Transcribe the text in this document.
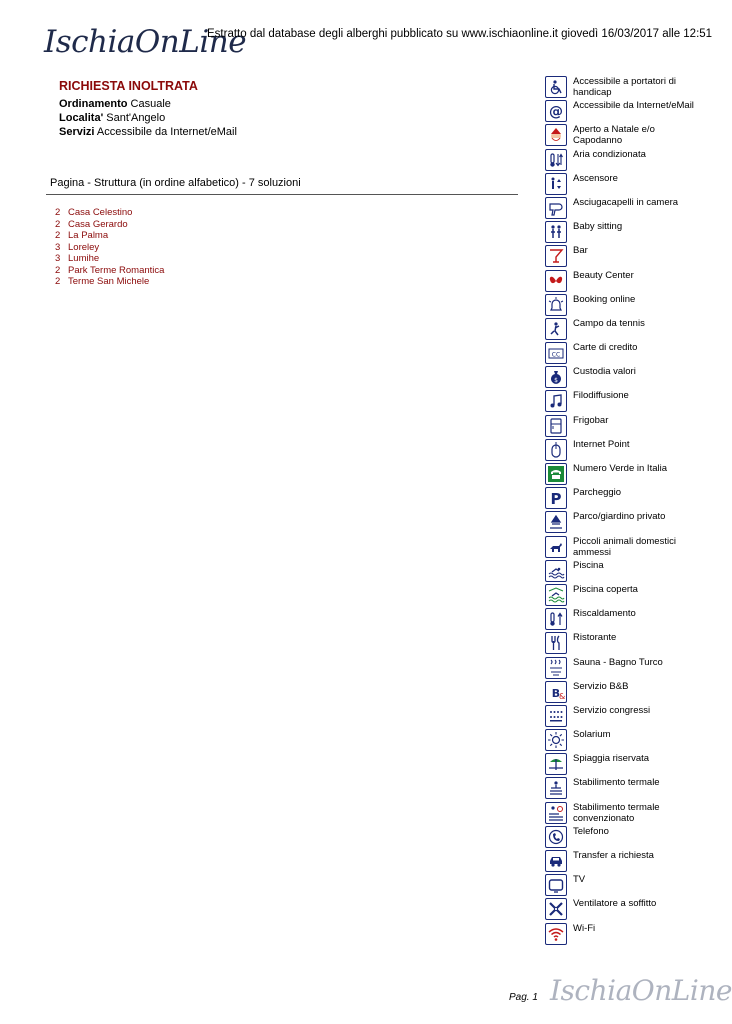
IschiaOnLine
Estratto dal database degli alberghi pubblicato su www.ischiaonline.it giovedì 16/03/2017 alle 12:51
RICHIESTA INOLTRATA
Ordinamento Casuale
Localita' Sant'Angelo
Servizi Accessibile da Internet/eMail
Pagina - Struttura (in ordine alfabetico) - 7 soluzioni
2 Casa Celestino
2 Casa Gerardo
2 La Palma
3 Loreley
3 Lumihe
2 Park Terme Romantica
2 Terme San Michele
Accessibile a portatori di handicap
@ Accessibile da Internet/eMail
Aperto a Natale e/o Capodanno
Aria condizionata
Ascensore
Asciugacapelli in camera
Baby sitting
Bar
Beauty Center
Booking online
Campo da tennis
CC
Carte di credito
$
Custodia valori
Filodiffusione
Frigobar
Internet Point
Numero Verde in Italia
P Parcheggio
Parco/giardino privato
Piccoli animali domestici ammessi
Piscina
Piscina coperta
Riscaldamento
Ristorante
Sauna - Bagno Turco
B
&
Servizio B&B
Servizio congressi
Solarium
Spiaggia riservata
Stabilimento termale
Stabilimento termale convenzionato
Telefono
Transfer a richiesta
TV
Ventilatore a soffitto
Wi-Fi
Pag. 1 IschiaOnLine
